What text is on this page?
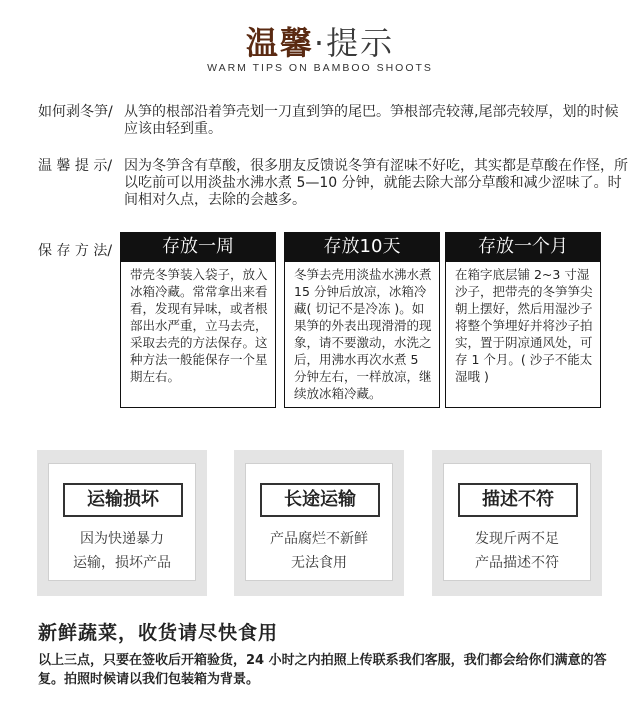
温馨·提示
WARM TIPS ON BAMBOO SHOOTS
如何剥冬笋/ 从笋的根部沿着笋壳划一刀直到笋的尾巴。笋根部壳较薄,尾部壳较厚，划的时候应该由轻到重。
温 馨 提 示/ 因为冬笋含有草酸，很多朋友反馈说冬笋有涩味不好吃，其实都是草酸在作怪，所以吃前可以用淡盐水沸水煮 5—10 分钟，就能去除大部分草酸和减少涩味了。时间相对久点，去除的会越多。
保 存 方 法/	存放一周
带壳冬笋装入袋子，放入冰箱冷藏。常常拿出来看看，发现有异味，或者根部出水严重，立马去壳，采取去壳的方法保存。这种方法一般能保存一个星期左右。
存放10天
冬笋去壳用淡盐水沸水煮 15 分钟后放凉，冰箱冷藏( 切记不是冷冻 )。如果笋的外表出现滑滑的现象，请不要激动，水洗之后，用沸水再次水煮 5 分钟左右，一样放凉，继续放冰箱冷藏。
存放一个月
在箱字底层铺 2~3 寸湿沙子，把带壳的冬笋笋尖朝上摆好，然后用湿沙子将整个笋埋好并将沙子拍实，置于阴凉通风处，可存 1 个月。( 沙子不能太湿哦 )
运输损坏
因为快递暴力
运输，损坏产品
长途运输
产品腐烂不新鲜
无法食用
描述不符
发现斤两不足
产品描述不符
新鲜蔬菜，收货请尽快食用
以上三点，只要在签收后开箱验货，24 小时之内拍照上传联系我们客服，我们都会给你们满意的答复。拍照时候请以我们包装箱为背景。
